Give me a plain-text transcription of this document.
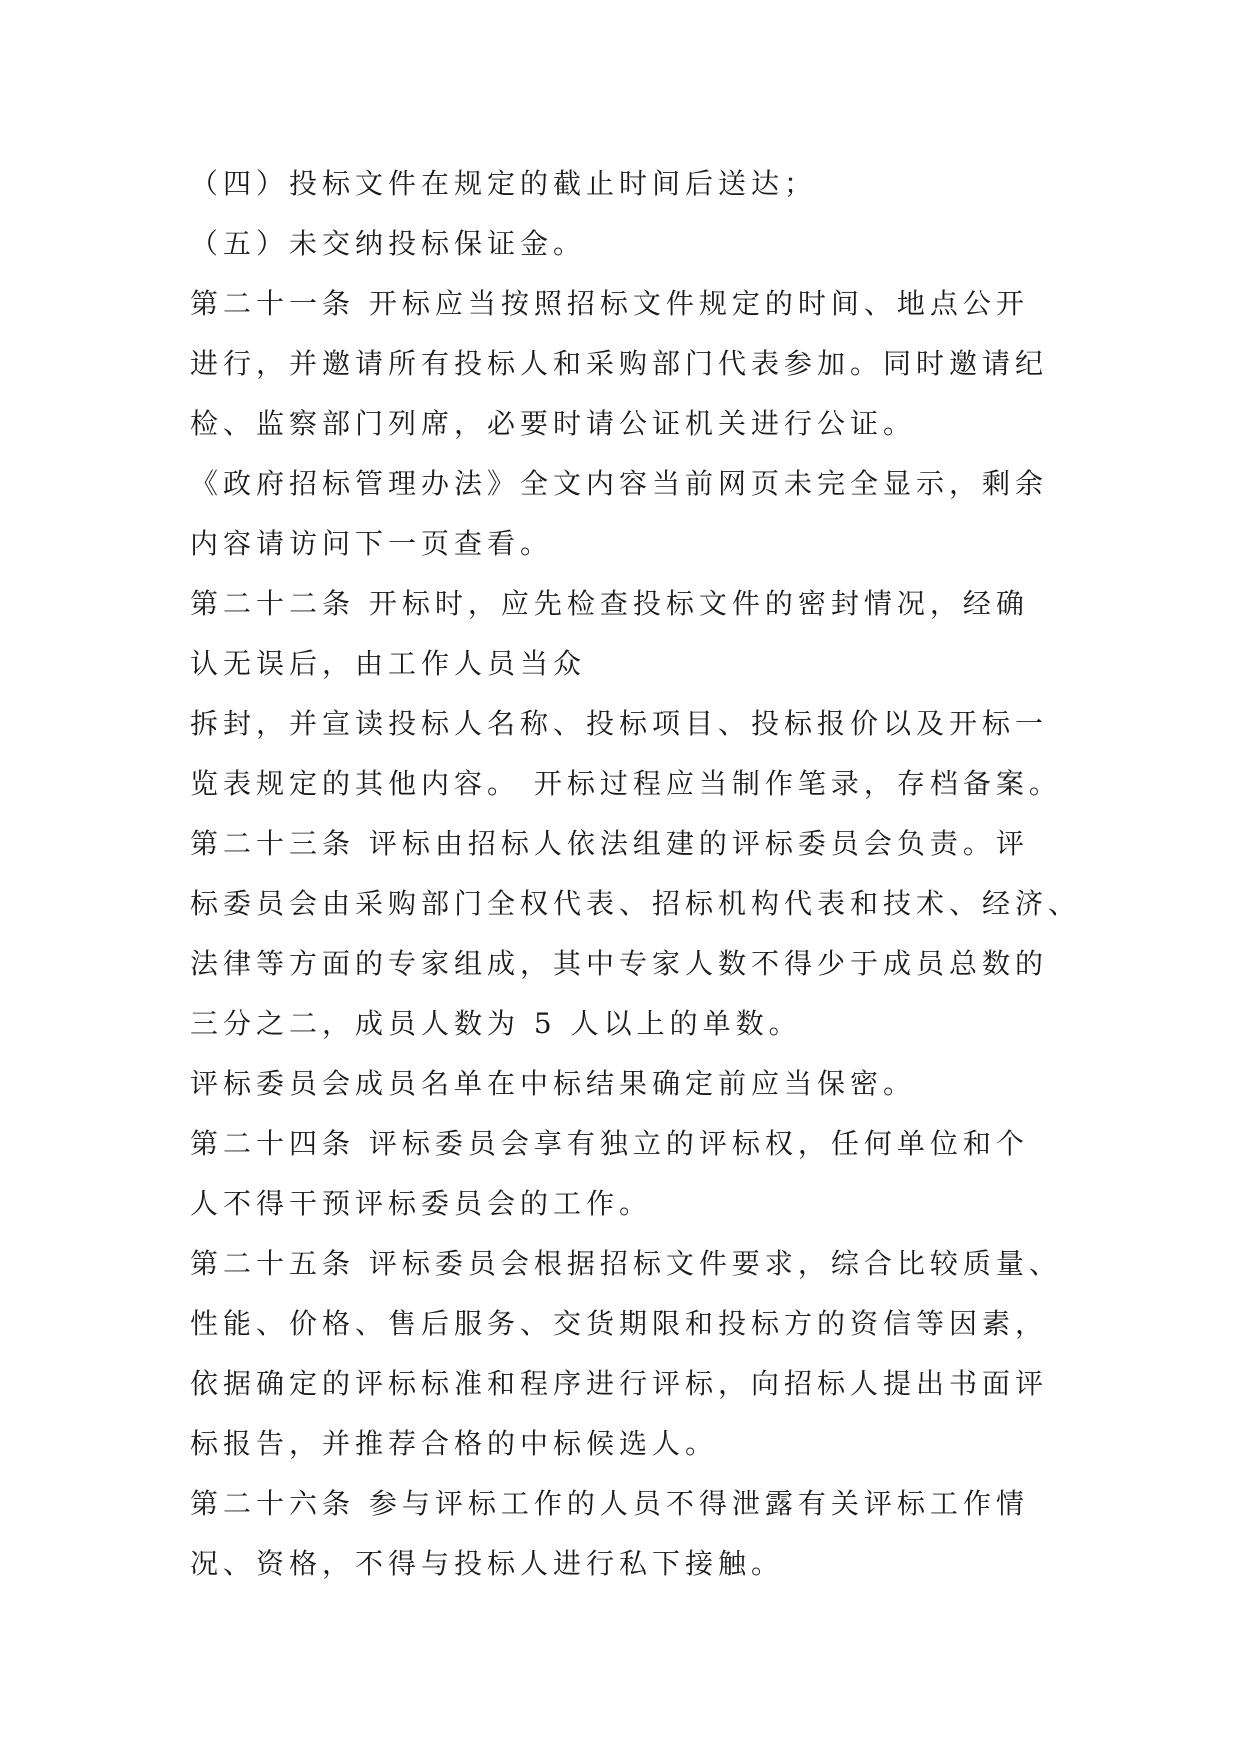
（四）投标文件在规定的截止时间后送达；
（五）未交纳投标保证金。
第二十一条 开标应当按照招标文件规定的时间、地点公开
进行，并邀请所有投标人和采购部门代表参加。同时邀请纪
检、监察部门列席，必要时请公证机关进行公证。
《政府招标管理办法》全文内容当前网页未完全显示，剩余
内容请访问下一页查看。
第二十二条 开标时，应先检查投标文件的密封情况，经确
认无误后，由工作人员当众
拆封，并宣读投标人名称、投标项目、投标报价以及开标一
览表规定的其他内容。 开标过程应当制作笔录，存档备案。
第二十三条 评标由招标人依法组建的评标委员会负责。评
标委员会由采购部门全权代表、招标机构代表和技术、经济、
法律等方面的专家组成，其中专家人数不得少于成员总数的
三分之二，成员人数为 5 人以上的单数。
评标委员会成员名单在中标结果确定前应当保密。
第二十四条 评标委员会享有独立的评标权，任何单位和个
人不得干预评标委员会的工作。
第二十五条 评标委员会根据招标文件要求，综合比较质量、
性能、价格、售后服务、交货期限和投标方的资信等因素，
依据确定的评标标准和程序进行评标，向招标人提出书面评
标报告，并推荐合格的中标候选人。
第二十六条 参与评标工作的人员不得泄露有关评标工作情
况、资格，不得与投标人进行私下接触。
